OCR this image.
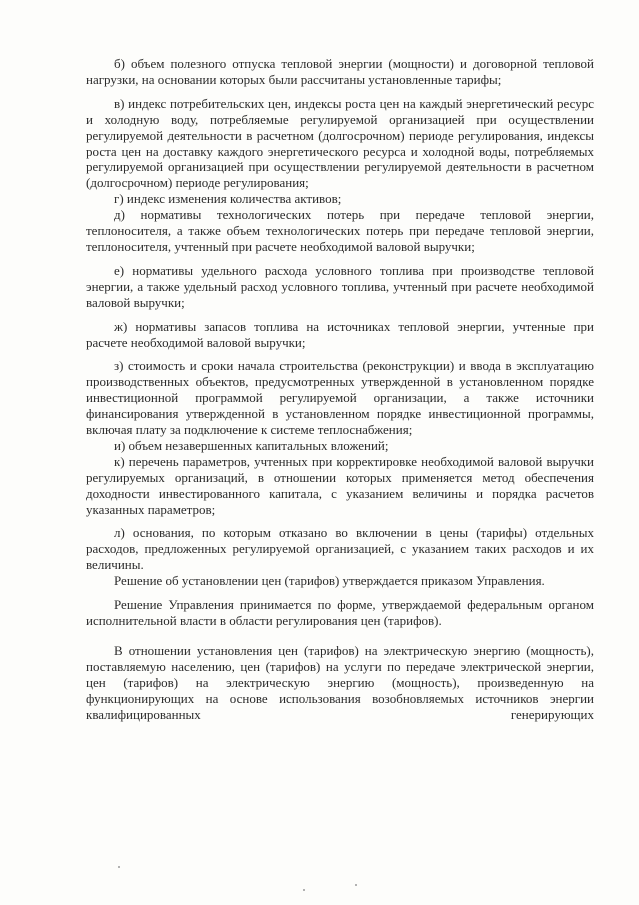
б) объем полезного отпуска тепловой энергии (мощности) и договорной тепловой нагрузки, на основании которых были рассчитаны установленные тарифы;

в) индекс потребительских цен, индексы роста цен на каждый энергетический ресурс и холодную воду, потребляемые регулируемой организацией при осуществлении регулируемой деятельности в расчетном (долгосрочном) периоде регулирования, индексы роста цен на доставку каждого энергетического ресурса и холодной воды, потребляемых регулируемой организацией при осуществлении регулируемой деятельности в расчетном (долгосрочном) периоде регулирования;

г) индекс изменения количества активов;

д) нормативы технологических потерь при передаче тепловой энергии, теплоносителя, а также объем технологических потерь при передаче тепловой энергии, теплоносителя, учтенный при расчете необходимой валовой выручки;

е) нормативы удельного расхода условного топлива при производстве тепловой энергии, а также удельный расход условного топлива, учтенный при расчете необходимой валовой выручки;

ж) нормативы запасов топлива на источниках тепловой энергии, учтенные при расчете необходимой валовой выручки;

з) стоимость и сроки начала строительства (реконструкции) и ввода в эксплуатацию производственных объектов, предусмотренных утвержденной в установленном порядке инвестиционной программой регулируемой организации, а также источники финансирования утвержденной в установленном порядке инвестиционной программы, включая плату за подключение к системе теплоснабжения;

и) объем незавершенных капитальных вложений;

к) перечень параметров, учтенных при корректировке необходимой валовой выручки регулируемых организаций, в отношении которых применяется метод обеспечения доходности инвестированного капитала, с указанием величины и порядка расчетов указанных параметров;

л) основания, по которым отказано во включении в цены (тарифы) отдельных расходов, предложенных регулируемой организацией, с указанием таких расходов и их величины.

Решение об установлении цен (тарифов) утверждается приказом Управления.

Решение Управления принимается по форме, утверждаемой федеральным органом исполнительной власти в области регулирования цен (тарифов).

В отношении установления цен (тарифов) на электрическую энергию (мощность), поставляемую населению, цен (тарифов) на услуги по передаче электрической энергии, цен (тарифов) на электрическую энергию (мощность), произведенную на функционирующих на основе использования возобновляемых источников энергии квалифицированных генерирующих
